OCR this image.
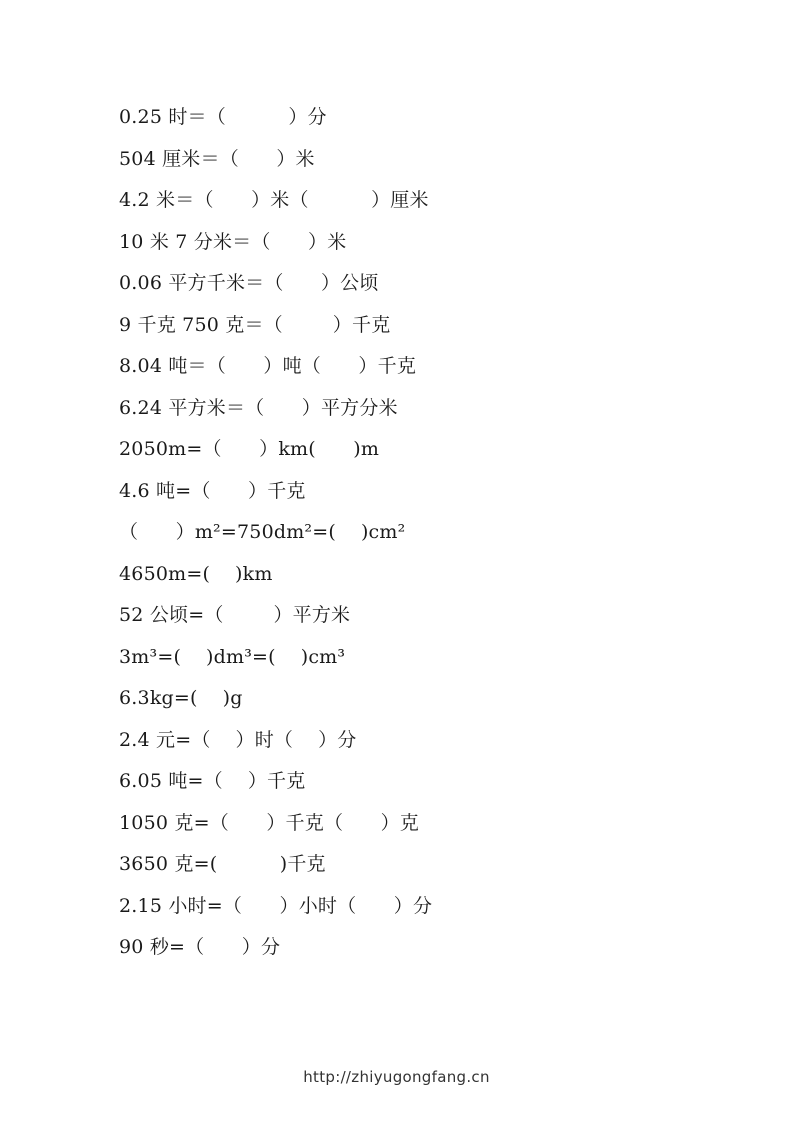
0.25 时＝（          ）分
504 厘米＝（      ）米
4.2 米＝（      ）米（          ）厘米
10 米 7 分米＝（      ）米
0.06 平方千米＝（      ）公顷
9 千克 750 克＝（        ）千克
8.04 吨＝（      ）吨（      ）千克
6.24 平方米＝（      ）平方分米
2050m=（      ）km(      )m
4.6 吨=（      ）千克
（      ）m²=750dm²=(    )cm²
4650m=(    )km
52 公顷=（        ）平方米
3m³=(    )dm³=(    )cm³
6.3kg=(    )g
2.4 元=（    ）时（    ）分
6.05 吨=（    ）千克
1050 克=（      ）千克（      ）克
3650 克=(          )千克
2.15 小时=（      ）小时（      ）分
90 秒=（      ）分
http://zhiyugongfang.cn
